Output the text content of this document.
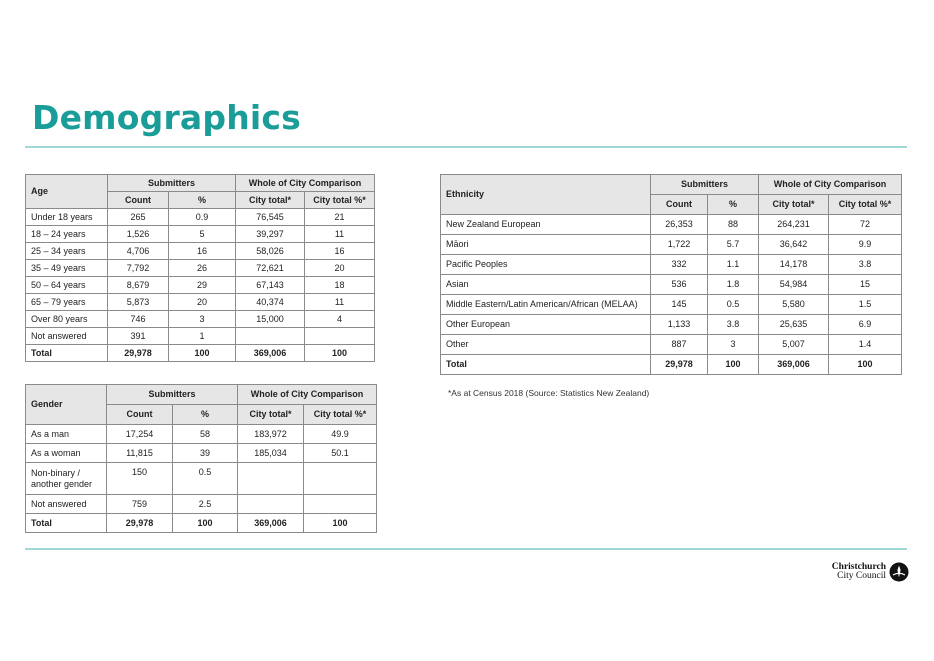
Demographics
Age	Submitters		Whole of City Comparison	
	Count	%	City total*	City total %*
Under 18 years	265	0.9	76,545	21
18 – 24 years	1,526	5	39,297	11
25 – 34 years	4,706	16	58,026	16
35 – 49 years	7,792	26	72,621	20
50 – 64 years	8,679	29	67,143	18
65 – 79 years	5,873	20	40,374	11
Over 80 years	746	3	15,000	4
Not answered	391	1		
Total	29,978	100	369,006	100
Gender	Submitters		Whole of City Comparison	
	Count	%	City total*	City total %*
As a man	17,254	58	183,972	49.9
As a woman	11,815	39	185,034	50.1
Non-binary / another gender	150	0.5		
Not answered	759	2.5		
Total	29,978	100	369,006	100
Ethnicity	Submitters		Whole of City Comparison	
	Count	%	City total*	City total %*
New Zealand European	26,353	88	264,231	72
Māori	1,722	5.7	36,642	9.9
Pacific Peoples	332	1.1	14,178	3.8
Asian	536	1.8	54,984	15
Middle Eastern/Latin American/African (MELAA)	145	0.5	5,580	1.5
Other European	1,133	3.8	25,635	6.9
Other	887	3	5,007	1.4
Total	29,978	100	369,006	100
*As at Census 2018 (Source: Statistics New Zealand)
Christchurch
City Council
